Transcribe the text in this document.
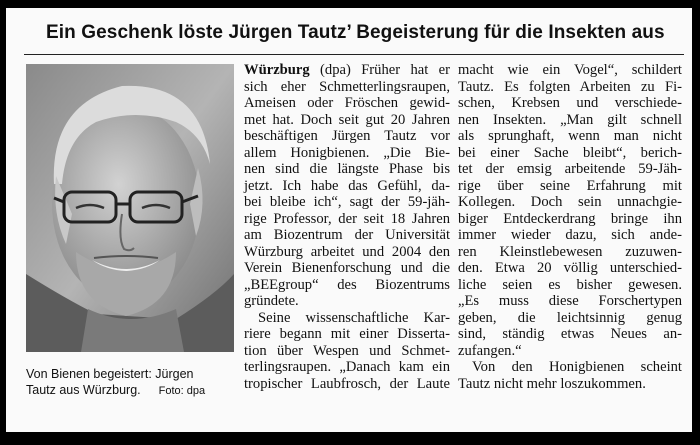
Ein Geschenk löste Jürgen Tautz’ Begeisterung für die Insekten aus
Von Bienen begeistert: Jürgen
Tautz aus Würzburg. Foto: dpa
Würzburg (dpa) Früher hat er
sich eher Schmetterlingsraupen,
Ameisen oder Fröschen gewid-
met hat. Doch seit gut 20 Jahren
beschäftigen Jürgen Tautz vor
allem Honigbienen. „Die Bie-
nen sind die längste Phase bis
jetzt. Ich habe das Gefühl, da-
bei bleibe ich“, sagt der 59-jäh-
rige Professor, der seit 18 Jahren
am Biozentrum der Universität
Würzburg arbeitet und 2004 den
Verein Bienenforschung und die
„BEEgroup“ des Biozentrums
gründete.
Seine wissenschaftliche Kar-
riere begann mit einer Disserta-
tion über Wespen und Schmet-
terlingsraupen. „Danach kam ein
tropischer Laubfrosch, der Laute
macht wie ein Vogel“, schildert
Tautz. Es folgten Arbeiten zu Fi-
schen, Krebsen und verschiede-
nen Insekten. „Man gilt schnell
als sprunghaft, wenn man nicht
bei einer Sache bleibt“, berich-
tet der emsig arbeitende 59-Jäh-
rige über seine Erfahrung mit
Kollegen. Doch sein unnachgie-
biger Entdeckerdrang bringe ihn
immer wieder dazu, sich ande-
ren Kleinstlebewesen zuzuwen-
den. Etwa 20 völlig unterschied-
liche seien es bisher gewesen.
„Es muss diese Forschertypen
geben, die leichtsinnig genug
sind, ständig etwas Neues an-
zufangen.“
Von den Honigbienen scheint
Tautz nicht mehr loszukommen.
